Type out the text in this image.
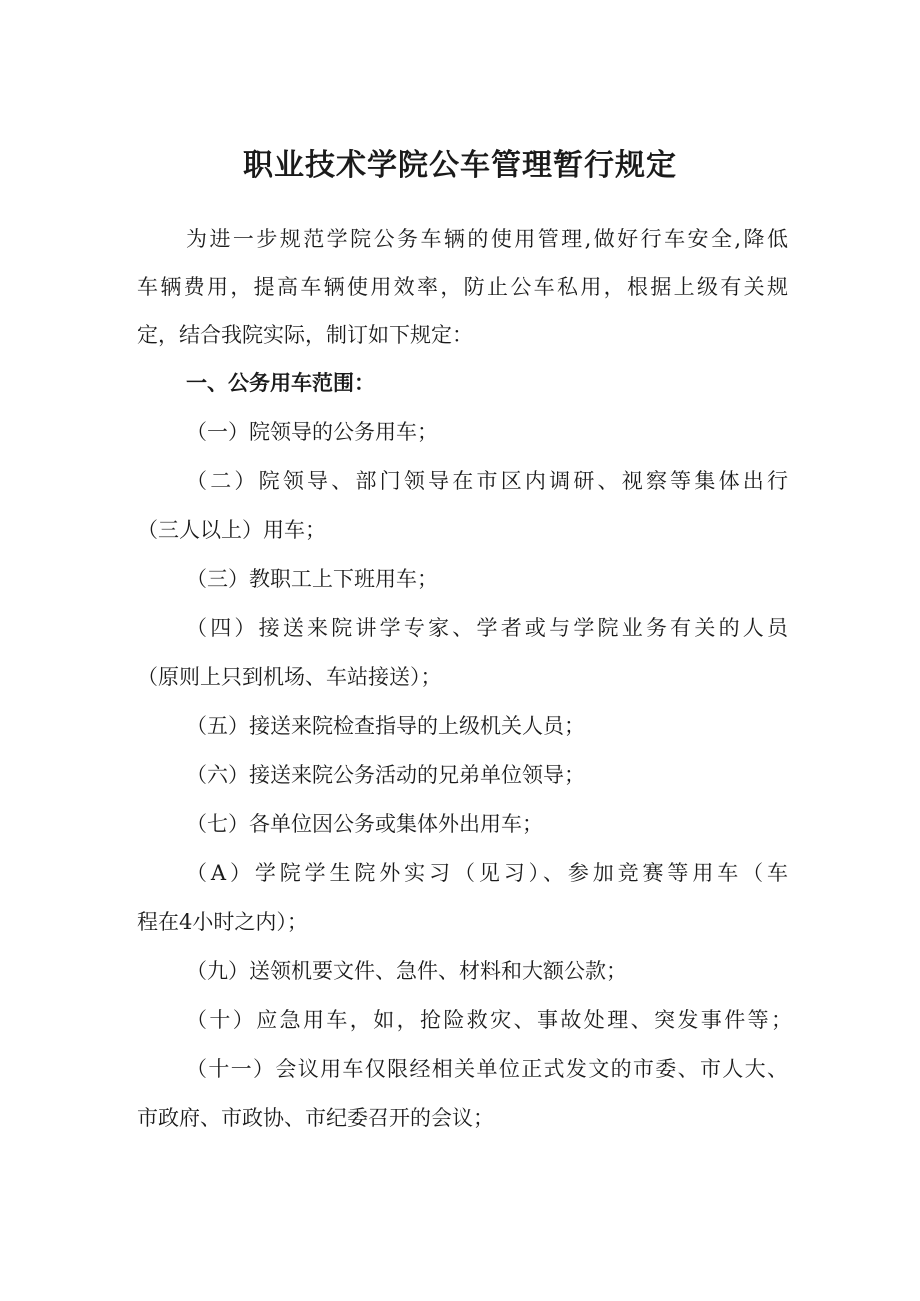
职业技术学院公车管理暂行规定
为进一步规范学院公务车辆的使用管理,做好行车安全,降低
车辆费用，提高车辆使用效率，防止公车私用，根据上级有关规
定，结合我院实际，制订如下规定：
一、公务用车范围：
（一）院领导的公务用车；
（二）院领导、部门领导在市区内调研、视察等集体出行
（三人以上）用车；
（三）教职工上下班用车；
（四）接送来院讲学专家、学者或与学院业务有关的人员
（原则上只到机场、车站接送）；
（五）接送来院检查指导的上级机关人员；
（六）接送来院公务活动的兄弟单位领导；
（七）各单位因公务或集体外出用车；
（A）学院学生院外实习（见习）、参加竞赛等用车（车
程在4小时之内）；
（九）送领机要文件、急件、材料和大额公款；
（十）应急用车，如，抢险救灾、事故处理、突发事件等；
（十一）会议用车仅限经相关单位正式发文的市委、市人大、
市政府、市政协、市纪委召开的会议；
